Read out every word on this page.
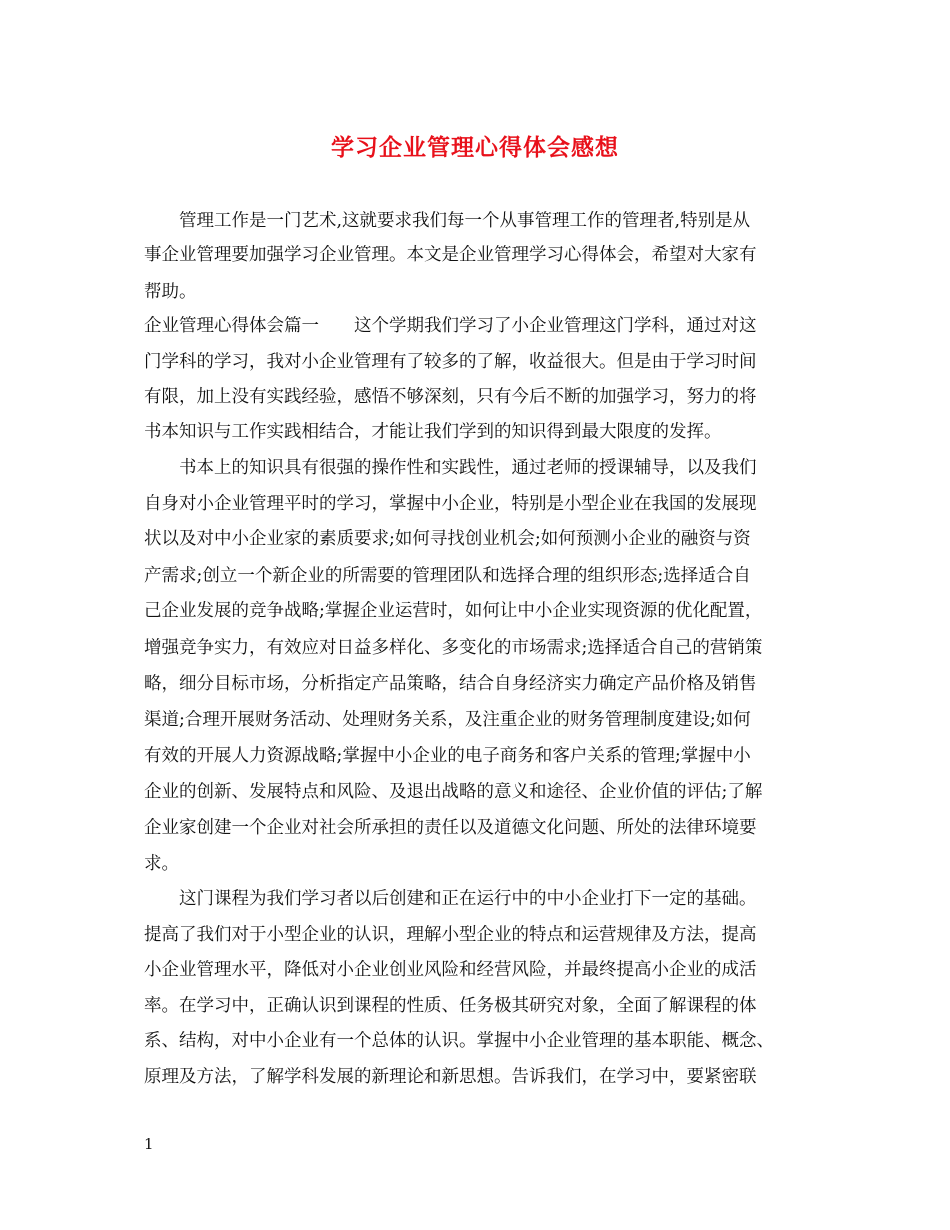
学习企业管理心得体会感想
管理工作是一门艺术,这就要求我们每一个从事管理工作的管理者,特别是从
事企业管理要加强学习企业管理。本文是企业管理学习心得体会，希望对大家有
帮助。
企业管理心得体会篇一　　这个学期我们学习了小企业管理这门学科，通过对这
门学科的学习，我对小企业管理有了较多的了解，收益很大。但是由于学习时间
有限，加上没有实践经验，感悟不够深刻，只有今后不断的加强学习，努力的将
书本知识与工作实践相结合，才能让我们学到的知识得到最大限度的发挥。
书本上的知识具有很强的操作性和实践性，通过老师的授课辅导，以及我们
自身对小企业管理平时的学习，掌握中小企业，特别是小型企业在我国的发展现
状以及对中小企业家的素质要求;如何寻找创业机会;如何预测小企业的融资与资
产需求;创立一个新企业的所需要的管理团队和选择合理的组织形态;选择适合自
己企业发展的竞争战略;掌握企业运营时，如何让中小企业实现资源的优化配置，
增强竞争实力，有效应对日益多样化、多变化的市场需求;选择适合自己的营销策
略，细分目标市场，分析指定产品策略，结合自身经济实力确定产品价格及销售
渠道;合理开展财务活动、处理财务关系，及注重企业的财务管理制度建设;如何
有效的开展人力资源战略;掌握中小企业的电子商务和客户关系的管理;掌握中小
企业的创新、发展特点和风险、及退出战略的意义和途径、企业价值的评估;了解
企业家创建一个企业对社会所承担的责任以及道德文化问题、所处的法律环境要
求。
这门课程为我们学习者以后创建和正在运行中的中小企业打下一定的基础。
提高了我们对于小型企业的认识，理解小型企业的特点和运营规律及方法，提高
小企业管理水平，降低对小企业创业风险和经营风险，并最终提高小企业的成活
率。在学习中，正确认识到课程的性质、任务极其研究对象，全面了解课程的体
系、结构，对中小企业有一个总体的认识。掌握中小企业管理的基本职能、概念、
原理及方法，了解学科发展的新理论和新思想。告诉我们，在学习中，要紧密联
1
